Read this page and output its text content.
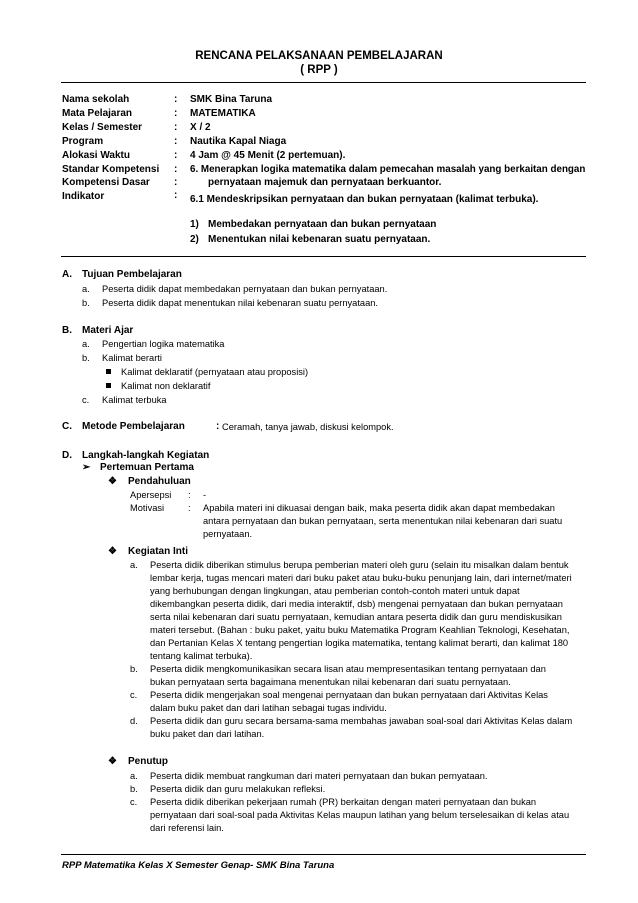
RENCANA PELAKSANAAN PEMBELAJARAN
( RPP )
Nama sekolah	: SMK Bina Taruna
Mata Pelajaran	: MATEMATIKA
Kelas / Semester	: X / 2
Program	: Nautika Kapal Niaga
Alokasi Waktu	: 4 Jam @ 45 Menit (2 pertemuan).
Standar Kompetensi : 6. Menerapkan logika matematika dalam pemecahan masalah yang berkaitan dengan
Kompetensi Dasar :	pernyataan majemuk dan pernyataan berkuantor.
Indikator	: 6.1 Mendeskripsikan pernyataan dan bukan pernyataan (kalimat terbuka).
1) Membedakan pernyataan dan bukan pernyataan
2) Menentukan nilai kebenaran suatu pernyataan.
A. Tujuan Pembelajaran
a. Peserta didik dapat membedakan pernyataan dan bukan pernyataan.
b. Peserta didik dapat menentukan nilai kebenaran suatu pernyataan.
B. Materi Ajar
a. Pengertian logika matematika
b. Kalimat berarti
Kalimat deklaratif (pernyataan atau proposisi)
Kalimat non deklaratif
c. Kalimat terbuka
C. Metode Pembelajaran	: Ceramah, tanya jawab, diskusi kelompok.
D. Langkah-langkah Kegiatan
➢ Pertemuan Pertama
❖ Pendahuluan
Apersepsi : -
Motivasi	: Apabila materi ini dikuasai dengan baik, maka peserta didik akan dapat membedakan
antara pernyataan dan bukan pernyataan, serta menentukan nilai kebenaran dari suatu
pernyataan.
❖ Kegiatan Inti
a. Peserta didik diberikan stimulus berupa pemberian materi oleh guru (selain itu misalkan dalam bentuk
lembar kerja, tugas mencari materi dari buku paket atau buku-buku penunjang lain, dari internet/materi
yang berhubungan dengan lingkungan, atau pemberian contoh-contoh materi untuk dapat
dikembangkan peserta didik, dari media interaktif, dsb) mengenai pernyataan dan bukan pernyataan
serta nilai kebenaran dari suatu pernyataan, kemudian antara peserta didik dan guru mendiskusikan
materi tersebut. (Bahan : buku paket, yaitu buku Matematika Program Keahlian Teknologi, Kesehatan,
dan Pertanian Kelas X tentang pengertian logika matematika, tentang kalimat berarti, dan kalimat 180
tentang kalimat terbuka).
b. Peserta didik mengkomunikasikan secara lisan atau mempresentasikan tentang pernyataan dan
bukan pernyataan serta bagaimana menentukan nilai kebenaran dari suatu pernyataan.
c. Peserta didik mengerjakan soal mengenai pernyataan dan bukan pernyataan dari Aktivitas Kelas
dalam buku paket dan dari latihan sebagai tugas individu.
d. Peserta didik dan guru secara bersama-sama membahas jawaban soal-soal dari Aktivitas Kelas dalam
buku paket dan dari latihan.
❖ Penutup
a. Peserta didik membuat rangkuman dari materi pernyataan dan bukan pernyataan.
b. Peserta didik dan guru melakukan refleksi.
c. Peserta didik diberikan pekerjaan rumah (PR) berkaitan dengan materi pernyataan dan bukan
pernyataan dari soal-soal pada Aktivitas Kelas maupun latihan yang belum terselesaikan di kelas atau
dari referensi lain.
RPP Matematika Kelas X Semester Genap- SMK Bina Taruna
